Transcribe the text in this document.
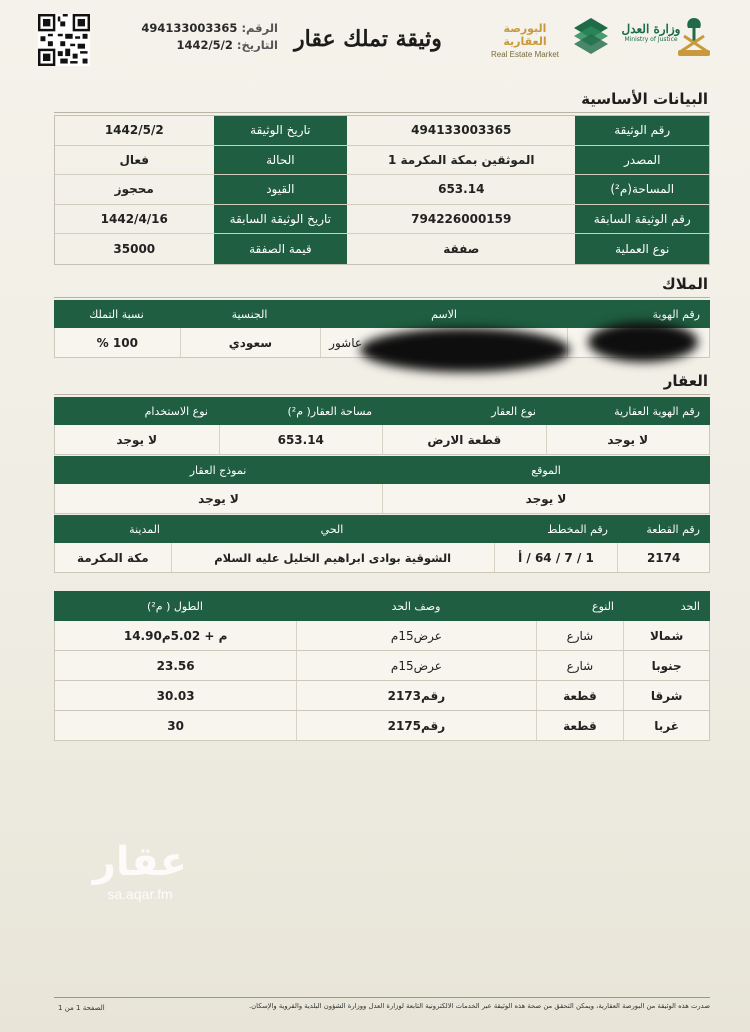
الرقم: 494133003365
التاريخ: 1442/5/2	وثيقة تملك عقار	البورصة العقارية
Real Estate Market
وزارة العدل
Ministry of Justice
البيانات الأساسية
رقم الوثيقة
494133003365
تاريخ الوثيقة
1442/5/2
المصدر
الموثقين بمكة المكرمة 1
الحالة
فعال
المساحة(م²)
653.14
القيود
محجوز
رقم الوثيقة السابقة
794226000159
تاريخ الوثيقة السابقة
1442/4/16
نوع العملية
صفقة
قيمة الصفقة
35000
الملاك
رقم الهوية
الاسم
الجنسية
نسبة التملك
عاشور
سعودي
100 %
العقار
رقم الهوية العقارية
نوع العقار
مساحة العقار( م²)
نوع الاستخدام
لا يوجد
قطعة الارض
653.14
لا يوجد
الموقع
نموذج العقار
لا يوجد
لا يوجد
رقم القطعة
رقم المخطط
الحي
المدينة
2174
1 / 7 / 64 / أ
الشوقية بوادى ابراهيم الخليل عليه السلام
مكة المكرمة
الحد
النوع
وصف الحد
الطول ( م²)
شمالا
شارع
عرض15م
م + 5.02م14.90
جنوبا
شارع
عرض15م
23.56
شرقا
قطعة
رقم2173
30.03
غربا
قطعة
رقم2175
30
عقار
sa.aqar.fm
صدرت هذه الوثيقة من البورصة العقارية، ويمكن التحقق من صحة هذه الوثيقة عبر الخدمات الالكترونية التابعة لوزارة العدل ووزارة الشؤون البلدية والقروية والإسكان.
الصفحة 1 من 1
